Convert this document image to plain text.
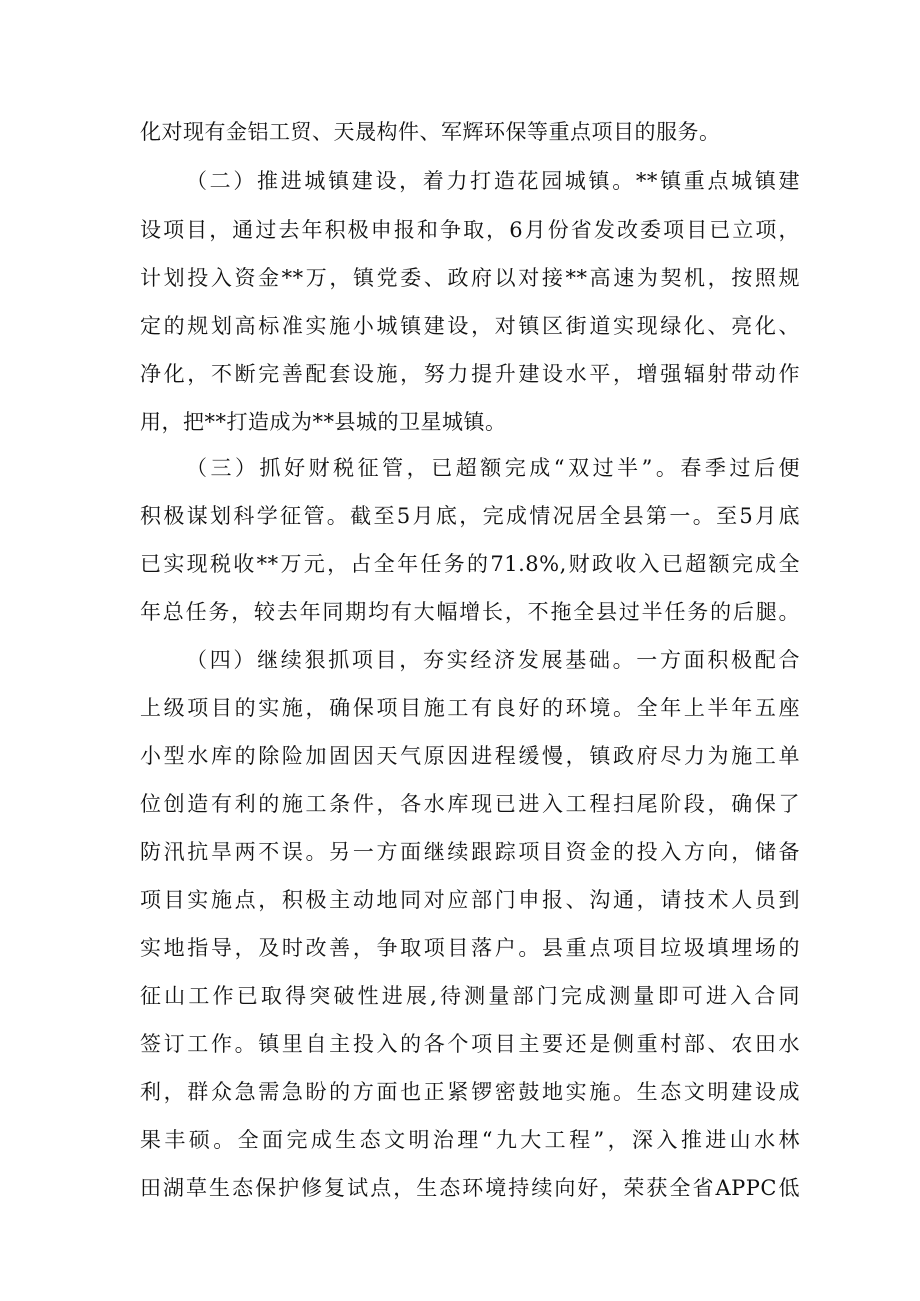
化对现有金铝工贸、天晟构件、军辉环保等重点项目的服务。
（二）推进城镇建设，着力打造花园城镇。**镇重点城镇建
设项目，通过去年积极申报和争取，6月份省发改委项目已立项，
计划投入资金**万，镇党委、政府以对接**高速为契机，按照规
定的规划高标准实施小城镇建设，对镇区街道实现绿化、亮化、
净化，不断完善配套设施，努力提升建设水平，增强辐射带动作
用，把**打造成为**县城的卫星城镇。
（三）抓好财税征管，已超额完成“双过半”。春季过后便
积极谋划科学征管。截至5月底，完成情况居全县第一。至5月底
已实现税收**万元，占全年任务的71.8%,财政收入已超额完成全
年总任务，较去年同期均有大幅增长，不拖全县过半任务的后腿。
（四）继续狠抓项目，夯实经济发展基础。一方面积极配合
上级项目的实施，确保项目施工有良好的环境。全年上半年五座
小型水库的除险加固因天气原因进程缓慢，镇政府尽力为施工单
位创造有利的施工条件，各水库现已进入工程扫尾阶段，确保了
防汛抗旱两不误。另一方面继续跟踪项目资金的投入方向，储备
项目实施点，积极主动地同对应部门申报、沟通，请技术人员到
实地指导，及时改善，争取项目落户。县重点项目垃圾填埋场的
征山工作已取得突破性进展,待测量部门完成测量即可进入合同
签订工作。镇里自主投入的各个项目主要还是侧重村部、农田水
利，群众急需急盼的方面也正紧锣密鼓地实施。生态文明建设成
果丰硕。全面完成生态文明治理“九大工程”，深入推进山水林
田湖草生态保护修复试点，生态环境持续向好，荣获全省APPC低
